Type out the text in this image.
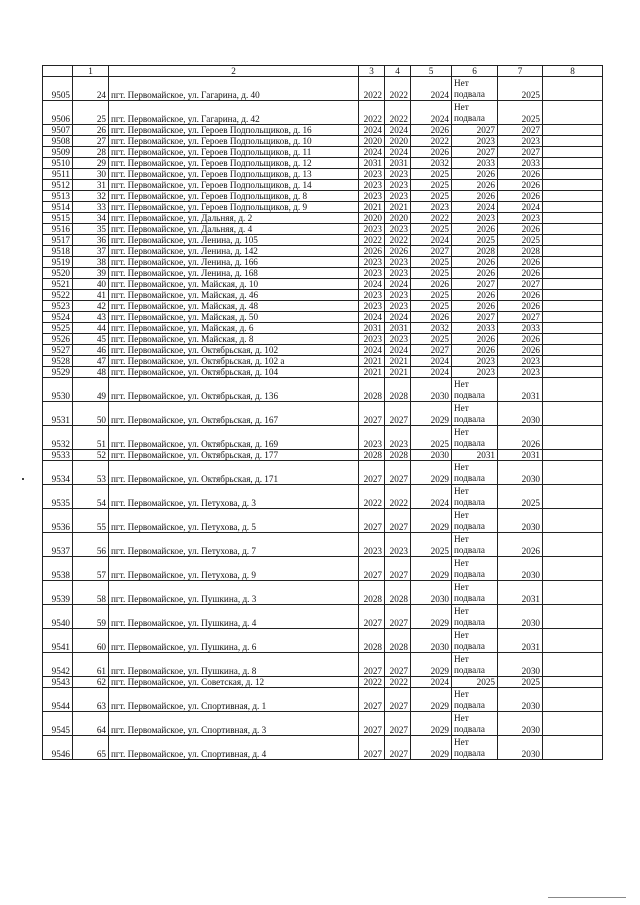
	1	2	3	4	5	6	7	8
9505	24	пгт. Первомайское, ул. Гагарина, д. 40	2022	2022	2024	Нет подвала	2025	
9506	25	пгт. Первомайское, ул. Гагарина, д. 42	2022	2022	2024	Нет подвала	2025	
9507	26	пгт. Первомайское, ул. Героев Подпольщиков, д. 16	2024	2024	2026	2027	2027	
9508	27	пгт. Первомайское, ул. Героев Подпольщиков, д. 10	2020	2020	2022	2023	2023	
9509	28	пгт. Первомайское, ул. Героев Подпольщиков, д. 11	2024	2024	2026	2027	2027	
9510	29	пгт. Первомайское, ул. Героев Подпольщиков, д. 12	2031	2031	2032	2033	2033	
9511	30	пгт. Первомайское, ул. Героев Подпольщиков, д. 13	2023	2023	2025	2026	2026	
9512	31	пгт. Первомайское, ул. Героев Подпольщиков, д. 14	2023	2023	2025	2026	2026	
9513	32	пгт. Первомайское, ул. Героев Подпольщиков, д. 8	2023	2023	2025	2026	2026	
9514	33	пгт. Первомайское, ул. Героев Подпольщиков, д. 9	2021	2021	2023	2024	2024	
9515	34	пгт. Первомайское, ул. Дальняя, д. 2	2020	2020	2022	2023	2023	
9516	35	пгт. Первомайское, ул. Дальняя, д. 4	2023	2023	2025	2026	2026	
9517	36	пгт. Первомайское, ул. Ленина, д. 105	2022	2022	2024	2025	2025	
9518	37	пгт. Первомайское, ул. Ленина, д. 142	2026	2026	2027	2028	2028	
9519	38	пгт. Первомайское, ул. Ленина, д. 166	2023	2023	2025	2026	2026	
9520	39	пгт. Первомайское, ул. Ленина, д. 168	2023	2023	2025	2026	2026	
9521	40	пгт. Первомайское, ул. Майская, д. 10	2024	2024	2026	2027	2027	
9522	41	пгт. Первомайское, ул. Майская, д. 46	2023	2023	2025	2026	2026	
9523	42	пгт. Первомайское, ул. Майская, д. 48	2023	2023	2025	2026	2026	
9524	43	пгт. Первомайское, ул. Майская, д. 50	2024	2024	2026	2027	2027	
9525	44	пгт. Первомайское, ул. Майская, д. 6	2031	2031	2032	2033	2033	
9526	45	пгт. Первомайское, ул. Майская, д. 8	2023	2023	2025	2026	2026	
9527	46	пгт. Первомайское, ул. Октябрьская, д. 102	2024	2024	2027	2026	2026	
9528	47	пгт. Первомайское, ул. Октябрьская, д. 102 а	2021	2021	2024	2023	2023	
9529	48	пгт. Первомайское, ул. Октябрьская, д. 104	2021	2021	2024	2023	2023	
9530	49	пгт. Первомайское, ул. Октябрьская, д. 136	2028	2028	2030	Нет подвала	2031	
9531	50	пгт. Первомайское, ул. Октябрьская, д. 167	2027	2027	2029	Нет подвала	2030	
9532	51	пгт. Первомайское, ул. Октябрьская, д. 169	2023	2023	2025	Нет подвала	2026	
9533	52	пгт. Первомайское, ул. Октябрьская, д. 177	2028	2028	2030	2031	2031	
9534	53	пгт. Первомайское, ул. Октябрьская, д. 171	2027	2027	2029	Нет подвала	2030	
9535	54	пгт. Первомайское, ул. Петухова, д. 3	2022	2022	2024	Нет подвала	2025	
9536	55	пгт. Первомайское, ул. Петухова, д. 5	2027	2027	2029	Нет подвала	2030	
9537	56	пгт. Первомайское, ул. Петухова, д. 7	2023	2023	2025	Нет подвала	2026	
9538	57	пгт. Первомайское, ул. Петухова, д. 9	2027	2027	2029	Нет подвала	2030	
9539	58	пгт. Первомайское, ул. Пушкина, д. 3	2028	2028	2030	Нет подвала	2031	
9540	59	пгт. Первомайское, ул. Пушкина, д. 4	2027	2027	2029	Нет подвала	2030	
9541	60	пгт. Первомайское, ул. Пушкина, д. 6	2028	2028	2030	Нет подвала	2031	
9542	61	пгт. Первомайское, ул. Пушкина, д. 8	2027	2027	2029	Нет подвала	2030	
9543	62	пгт. Первомайское, ул. Советская, д. 12	2022	2022	2024	2025	2025	
9544	63	пгт. Первомайское, ул. Спортивная, д. 1	2027	2027	2029	Нет подвала	2030	
9545	64	пгт. Первомайское, ул. Спортивная, д. 3	2027	2027	2029	Нет подвала	2030	
9546	65	пгт. Первомайское, ул. Спортивная, д. 4	2027	2027	2029	Нет подвала	2030	
